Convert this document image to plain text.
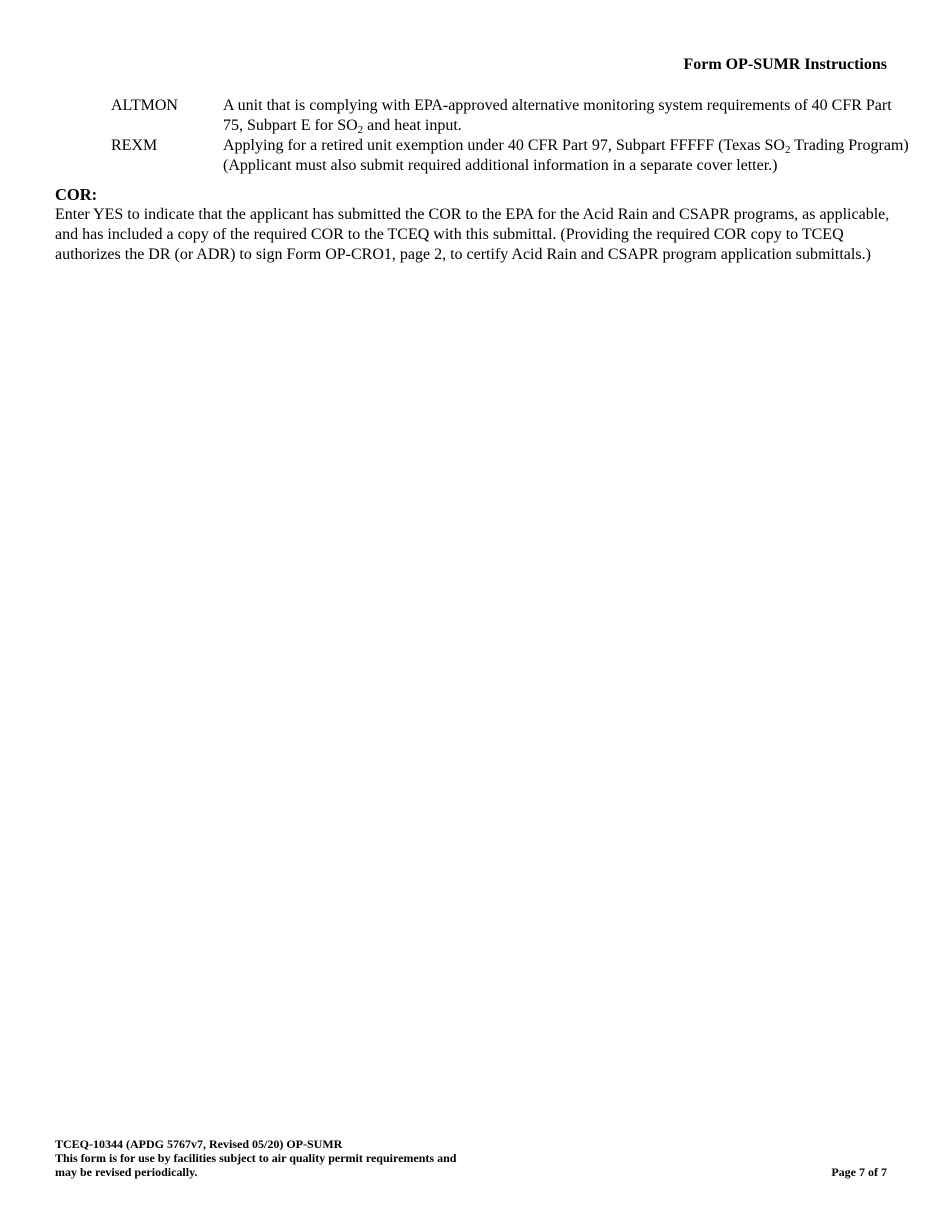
Form OP-SUMR Instructions
ALTMON	A unit that is complying with EPA-approved alternative monitoring system requirements of 40 CFR Part 75, Subpart E for $SO_2$ and heat input.
REXM	Applying for a retired unit exemption under 40 CFR Part 97, Subpart FFFFF (Texas $SO_2$ Trading Program) (Applicant must also submit required additional information in a separate cover letter.)

COR:

Enter YES to indicate that the applicant has submitted the COR to the EPA for the Acid Rain and CSAPR programs, as applicable, and has included a copy of the required COR to the TCEQ with this submittal. (Providing the required COR copy to TCEQ authorizes the DR (or ADR) to sign Form OP-CRO1, page 2, to certify Acid Rain and CSAPR program application submittals.)

TCEQ-10344 (APDG 5767v7, Revised 05/20) OP-SUMR
This form is for use by facilities subject to air quality permit requirements and
may be revised periodically.	Page 7 of 7
